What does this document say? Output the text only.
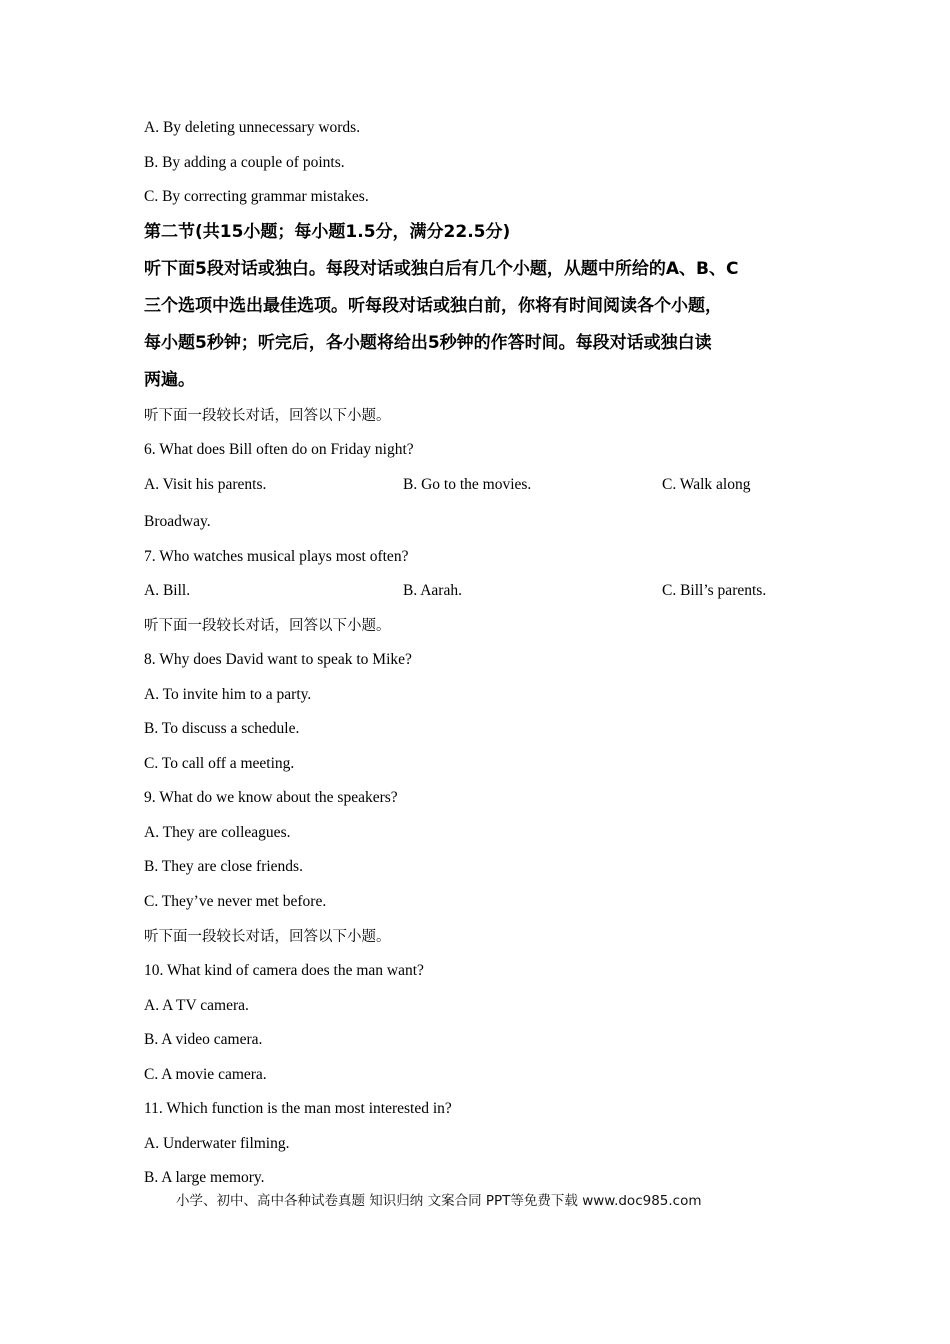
A. By deleting unnecessary words.
B. By adding a couple of points.
C. By correcting grammar mistakes.
第二节(共15小题；每小题1.5分，满分22.5分)
听下面5段对话或独白。每段对话或独白后有几个小题，从题中所给的A、B、C
三个选项中选出最佳选项。听每段对话或独白前，你将有时间阅读各个小题，
每小题5秒钟；听完后，各小题将给出5秒钟的作答时间。每段对话或独白读
两遍。
听下面一段较长对话，回答以下小题。
6. What does Bill often do on Friday night?
A. Visit his parents.	B. Go to the movies.	C. Walk along
Broadway.
7. Who watches musical plays most often?
A. Bill.	B. Aarah.	C. Bill’s parents.
听下面一段较长对话，回答以下小题。
8. Why does David want to speak to Mike?
A. To invite him to a party.
B. To discuss a schedule.
C. To call off a meeting.
9. What do we know about the speakers?
A. They are colleagues.
B. They are close friends.
C. They’ve never met before.
听下面一段较长对话，回答以下小题。
10. What kind of camera does the man want?
A. A TV camera.
B. A video camera.
C. A movie camera.
11. Which function is the man most interested in?
A. Underwater filming.
B. A large memory.
小学、初中、高中各种试卷真题 知识归纳 文案合同 PPT等免费下载 www.doc985.com
